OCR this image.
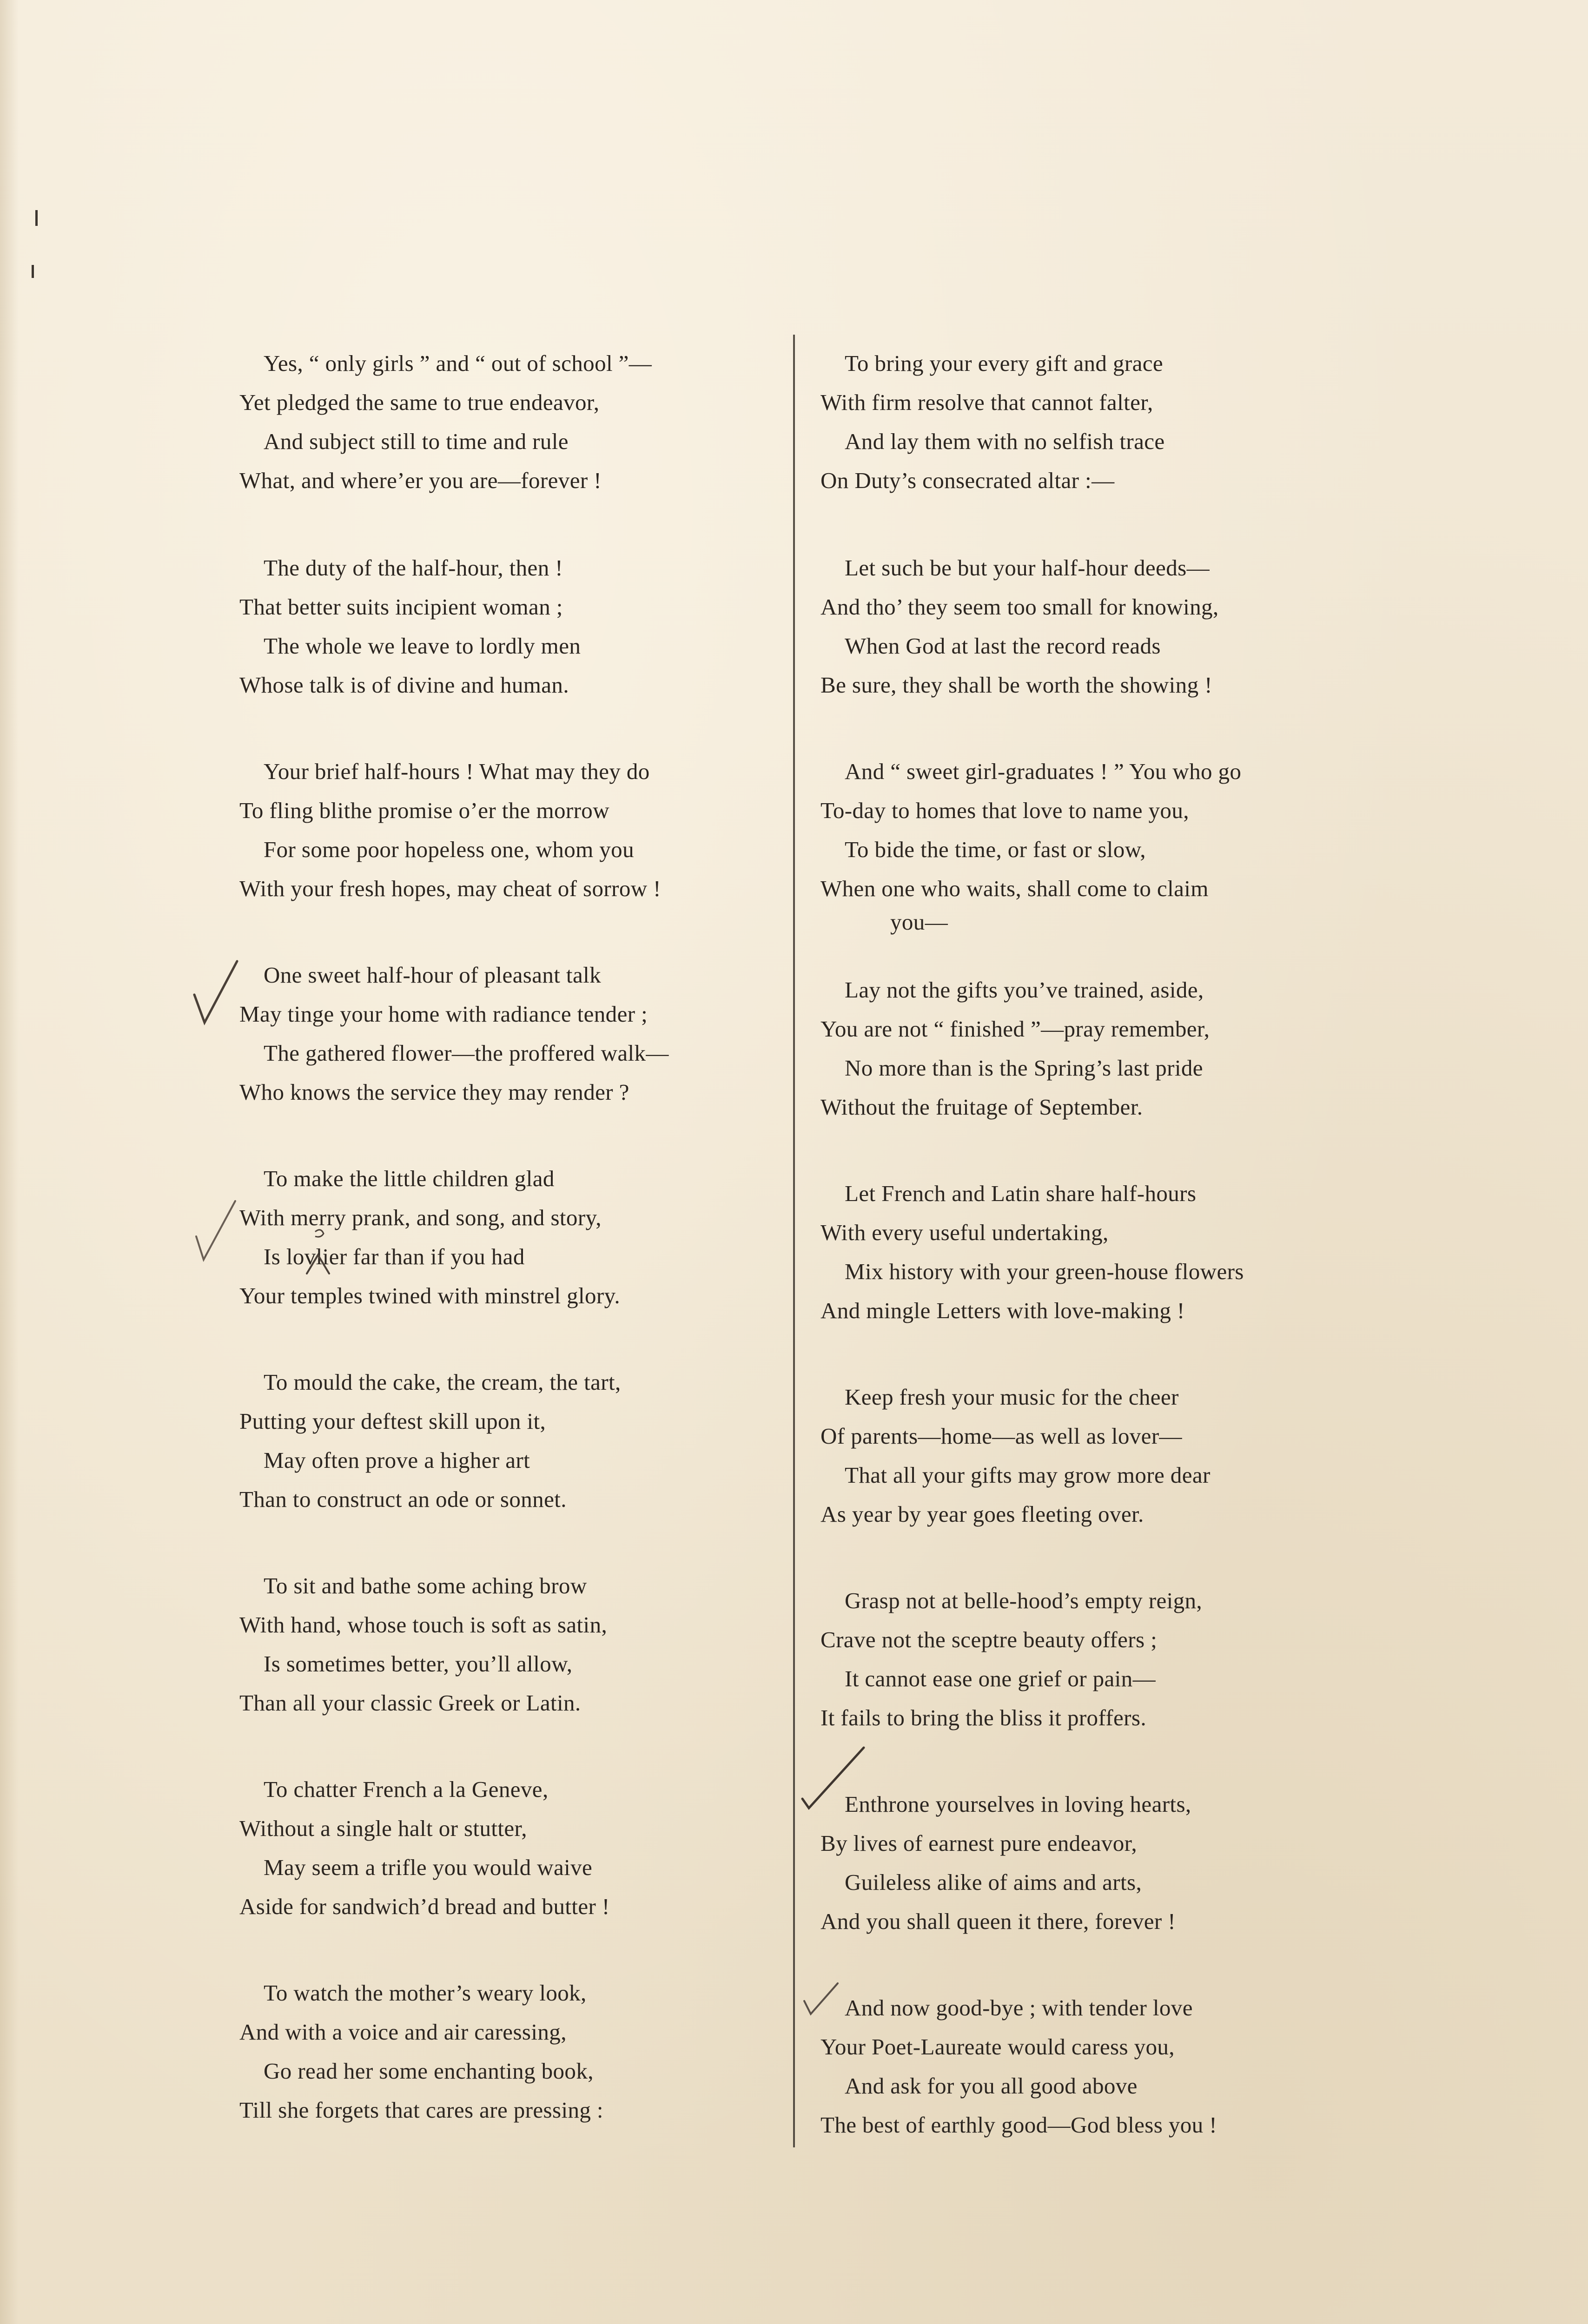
Yes, “ only girls ” and “ out of school ”—
Yet pledged the same to true endeavor,
And subject still to time and rule
What, and where’er you are—forever !
The duty of the half-hour, then !
That better suits incipient woman ;
The whole we leave to lordly men
Whose talk is of divine and human.
Your brief half-hours ! What may they do
To fling blithe promise o’er the morrow
For some poor hopeless one, whom you
With your fresh hopes, may cheat of sorrow !
One sweet half-hour of pleasant talk
May tinge your home with radiance tender ;
The gathered flower—the proffered walk—
Who knows the service they may render ?
To make the little children glad
With merry prank, and song, and story,
Is lovlier far than if you had
Your temples twined with minstrel glory.
To mould the cake, the cream, the tart,
Putting your deftest skill upon it,
May often prove a higher art
Than to construct an ode or sonnet.
To sit and bathe some aching brow
With hand, whose touch is soft as satin,
Is sometimes better, you’ll allow,
Than all your classic Greek or Latin.
To chatter French a la Geneve,
Without a single halt or stutter,
May seem a trifle you would waive
Aside for sandwich’d bread and butter !
To watch the mother’s weary look,
And with a voice and air caressing,
Go read her some enchanting book,
Till she forgets that cares are pressing :
To bring your every gift and grace
With firm resolve that cannot falter,
And lay them with no selfish trace
On Duty’s consecrated altar :—
Let such be but your half-hour deeds—
And tho’ they seem too small for knowing,
When God at last the record reads
Be sure, they shall be worth the showing !
And “ sweet girl-graduates ! ” You who go
To-day to homes that love to name you,
To bide the time, or fast or slow,
When one who waits, shall come to claim
you—
Lay not the gifts you’ve trained, aside,
You are not “ finished ”—pray remember,
No more than is the Spring’s last pride
Without the fruitage of September.
Let French and Latin share half-hours
With every useful undertaking,
Mix history with your green-house flowers
And mingle Letters with love-making !
Keep fresh your music for the cheer
Of parents—home—as well as lover—
That all your gifts may grow more dear
As year by year goes fleeting over.
Grasp not at belle-hood’s empty reign,
Crave not the sceptre beauty offers ;
It cannot ease one grief or pain—
It fails to bring the bliss it proffers.
Enthrone yourselves in loving hearts,
By lives of earnest pure endeavor,
Guileless alike of aims and arts,
And you shall queen it there, forever !
And now good-bye ; with tender love
Your Poet-Laureate would caress you,
And ask for you all good above
The best of earthly good—God bless you !
